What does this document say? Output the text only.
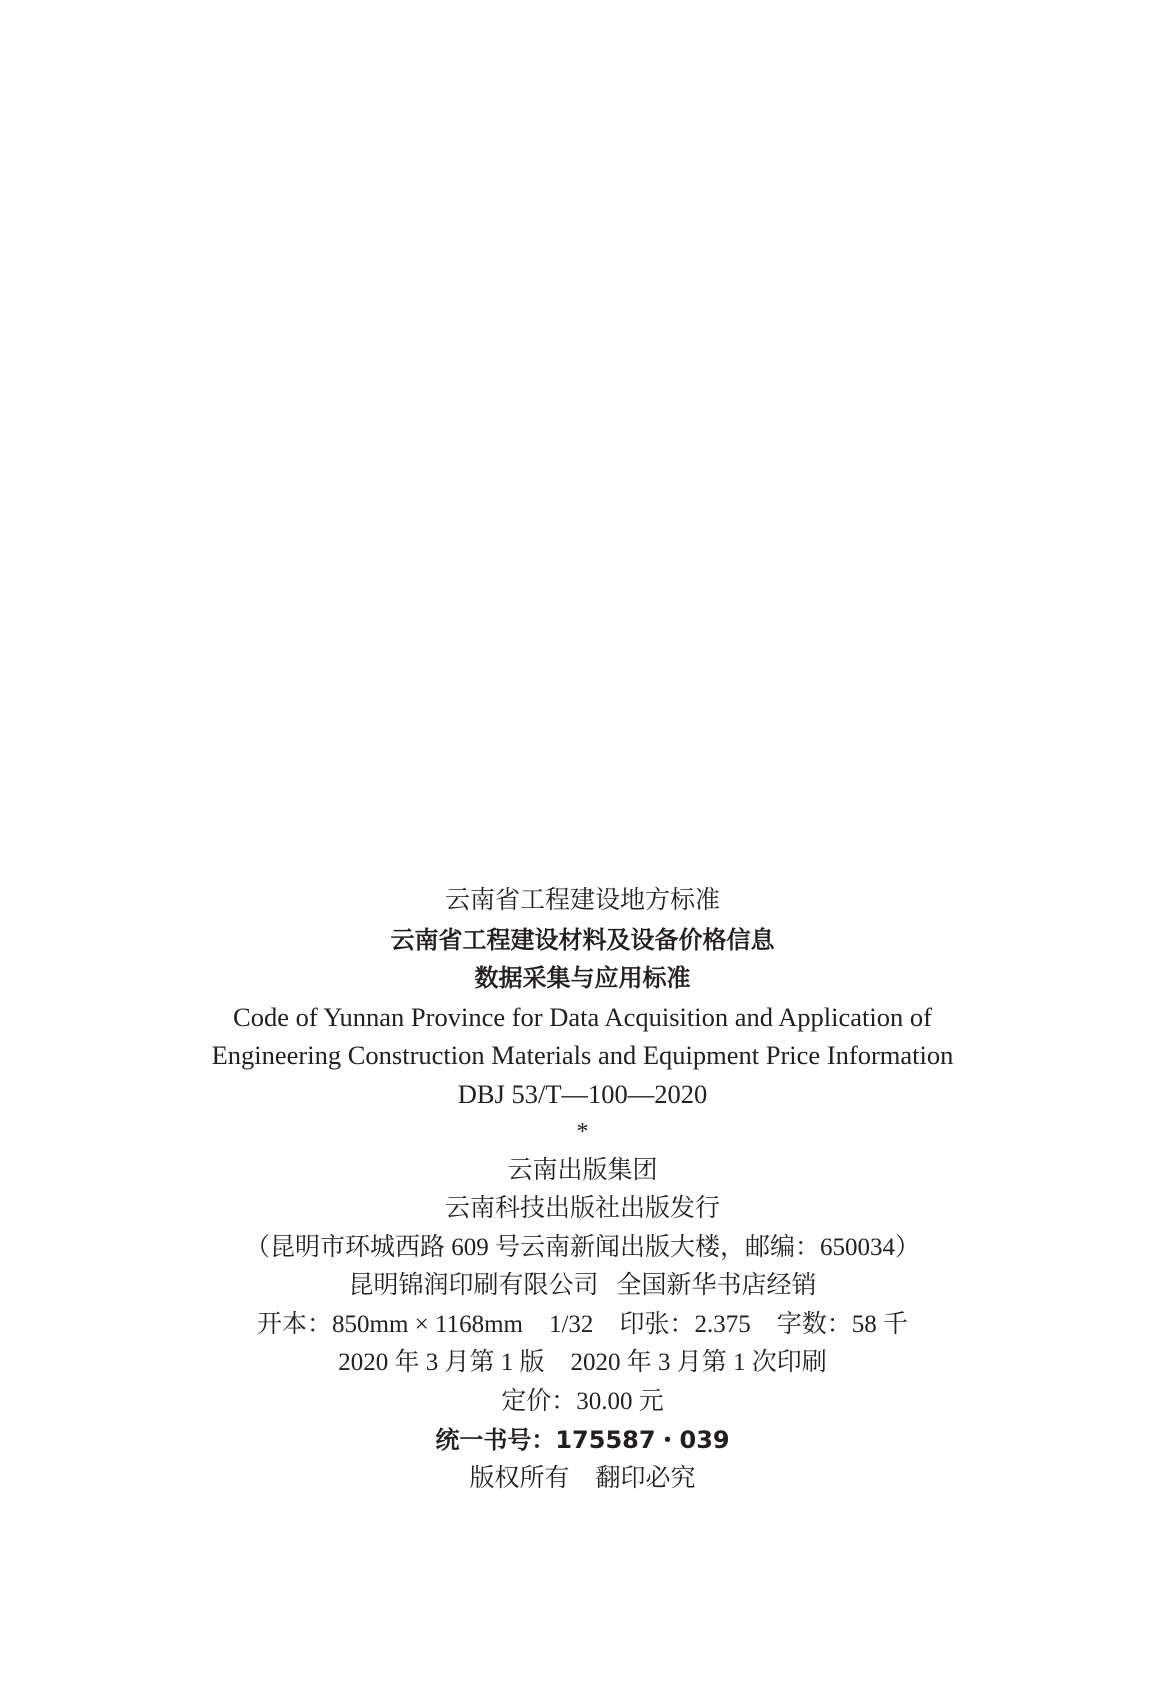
云南省工程建设地方标准
云南省工程建设材料及设备价格信息
数据采集与应用标准
Code of Yunnan Province for Data Acquisition and Application of
Engineering Construction Materials and Equipment Price Information
DBJ 53/T—100—2020
*
云南出版集团
云南科技出版社出版发行
（昆明市环城西路 609 号云南新闻出版大楼，邮编：650034）
昆明锦润印刷有限公司 全国新华书店经销
开本：850mm × 1168mm 1/32 印张：2.375 字数：58 千
2020 年 3 月第 1 版 2020 年 3 月第 1 次印刷
定价：30.00 元
统一书号：175587・039
版权所有 翻印必究
